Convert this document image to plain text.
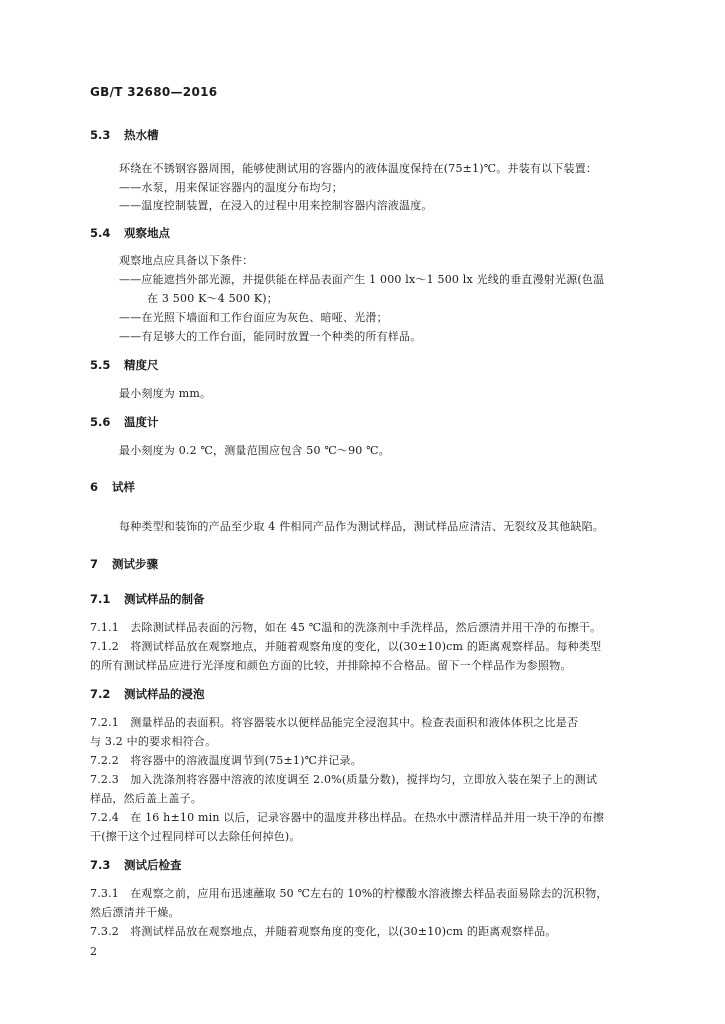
GB/T 32680—2016
5.3 热水槽
环绕在不锈钢容器周围，能够使测试用的容器内的液体温度保持在(75±1)℃。并装有以下装置：
——水泵，用来保证容器内的温度分布均匀；
——温度控制装置，在浸入的过程中用来控制容器内溶液温度。
5.4 观察地点
观察地点应具备以下条件：
——应能遮挡外部光源，并提供能在样品表面产生 1 000 lx～1 500 lx 光线的垂直漫射光源(色温
在 3 500 K～4 500 K)；
——在光照下墙面和工作台面应为灰色、暗哑、光滑；
——有足够大的工作台面，能同时放置一个种类的所有样品。
5.5 精度尺
最小刻度为 mm。
5.6 温度计
最小刻度为 0.2 ℃，测量范围应包含 50 ℃～90 ℃。
6 试样
每种类型和装饰的产品至少取 4 件相同产品作为测试样品，测试样品应清洁、无裂纹及其他缺陷。
7 测试步骤
7.1 测试样品的制备
7.1.1　去除测试样品表面的污物，如在 45 ℃温和的洗涤剂中手洗样品，然后漂清并用干净的布擦干。
7.1.2　将测试样品放在观察地点，并随着观察角度的变化，以(30±10)cm 的距离观察样品。每种类型
的所有测试样品应进行光泽度和颜色方面的比较，并排除掉不合格品。留下一个样品作为参照物。
7.2 测试样品的浸泡
7.2.1　测量样品的表面积。将容器装水以便样品能完全浸泡其中。检查表面积和液体体积之比是否
与 3.2 中的要求相符合。
7.2.2　将容器中的溶液温度调节到(75±1)℃并记录。
7.2.3　加入洗涤剂将容器中溶液的浓度调至 2.0%(质量分数)，搅拌均匀，立即放入装在架子上的测试
样品，然后盖上盖子。
7.2.4　在 16 h±10 min 以后，记录容器中的温度并移出样品。在热水中漂清样品并用一块干净的布擦
干(擦干这个过程同样可以去除任何掉色)。
7.3 测试后检查
7.3.1　在观察之前，应用布迅速蘸取 50 ℃左右的 10%的柠檬酸水溶液擦去样品表面易除去的沉积物，
然后漂清并干燥。
7.3.2　将测试样品放在观察地点，并随着观察角度的变化，以(30±10)cm 的距离观察样品。
2
